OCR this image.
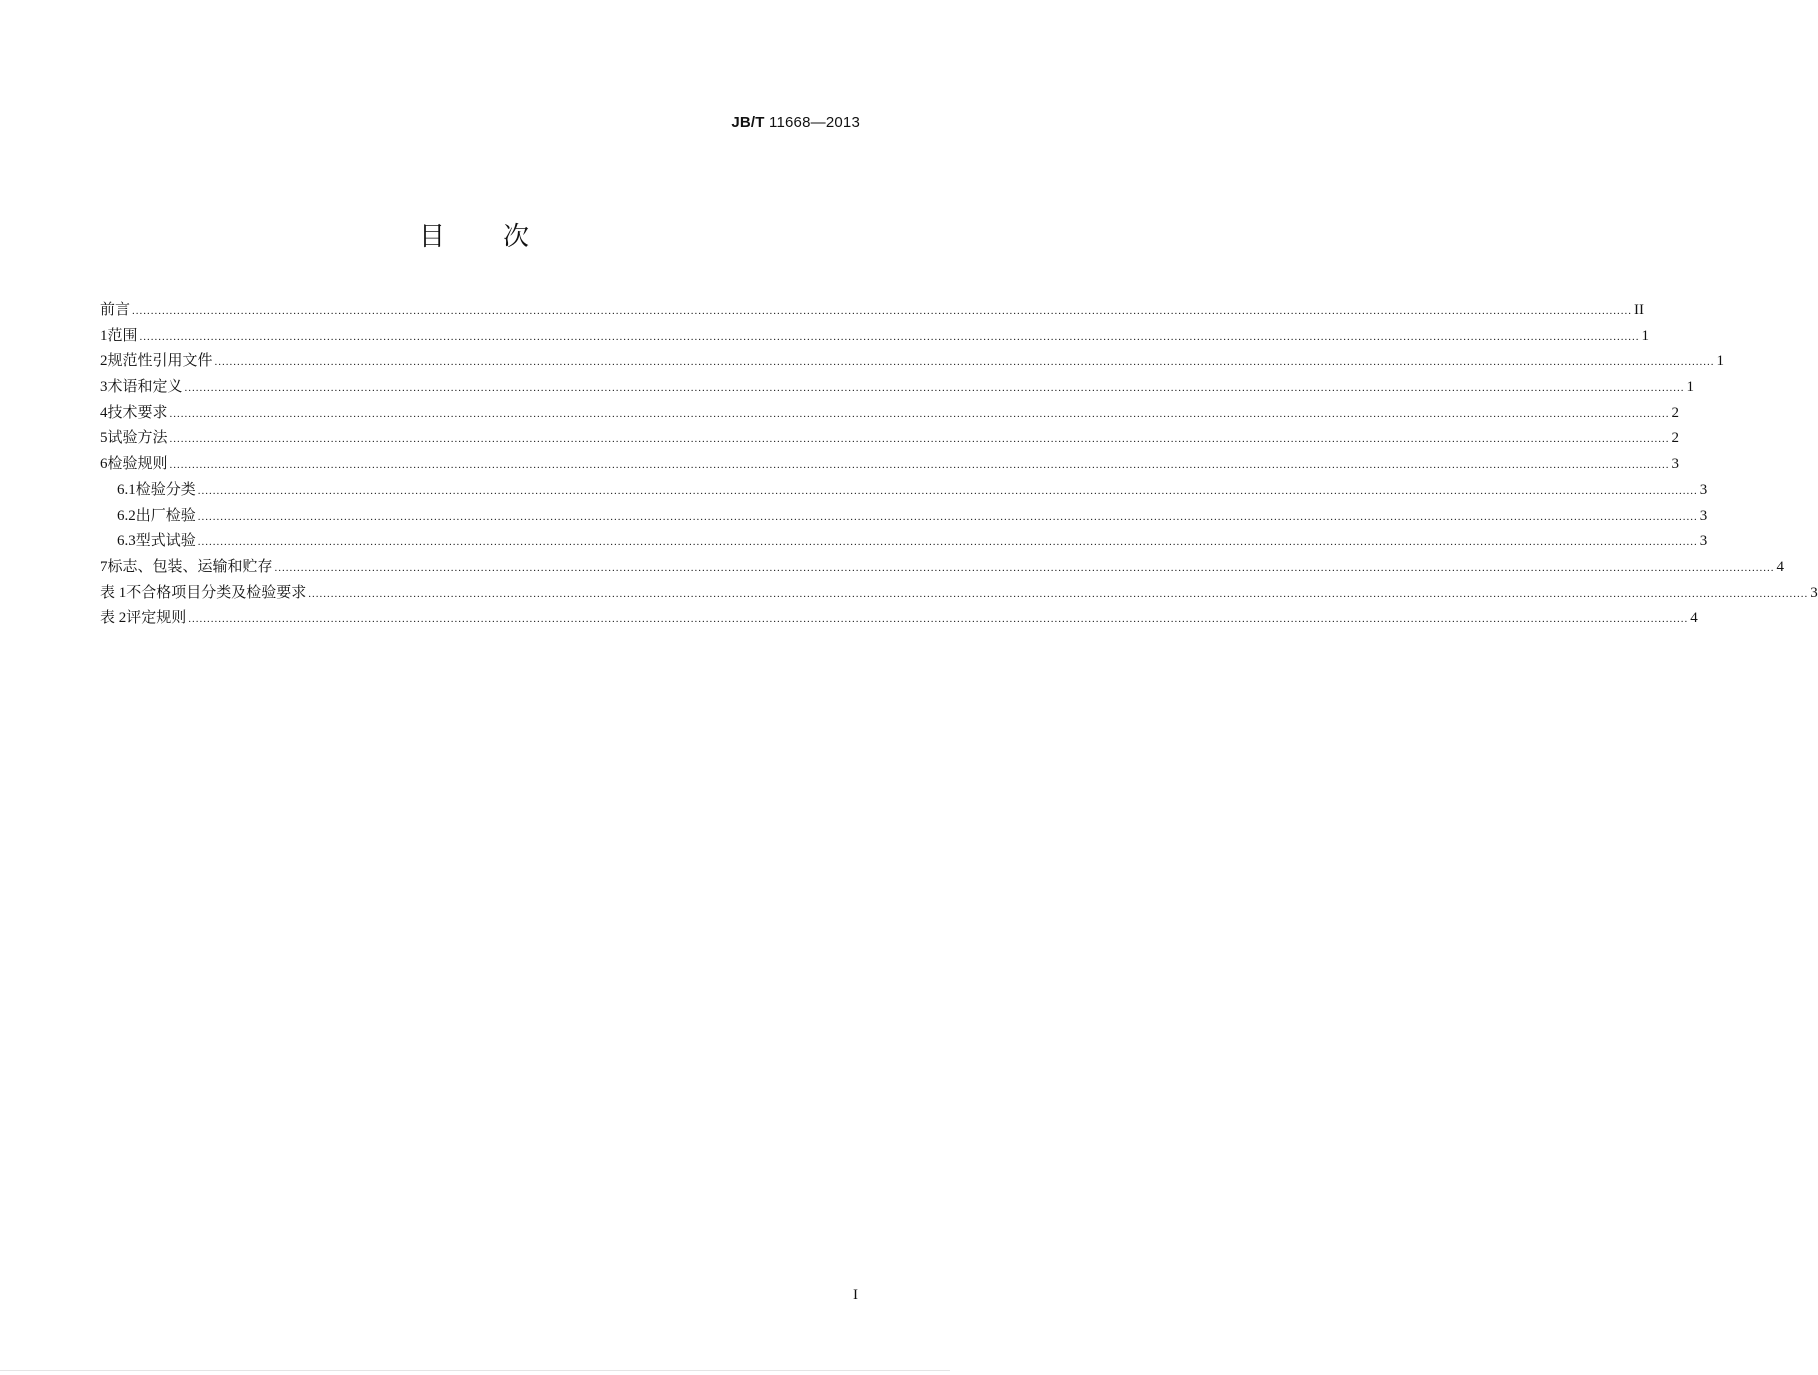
JB/T 11668—2013
目　　次
前言 ................................................................................................................................................................................................................................................................................................................................................................................................................ II
1 范围 ................................................................................................................................................................................................................................................................................................................................................................................................................ 1
2 规范性引用文件 ................................................................................................................................................................................................................................................................................................................................................................................................................ 1
3 术语和定义 ................................................................................................................................................................................................................................................................................................................................................................................................................ 1
4 技术要求 ................................................................................................................................................................................................................................................................................................................................................................................................................ 2
5 试验方法 ................................................................................................................................................................................................................................................................................................................................................................................................................ 2
6 检验规则 ................................................................................................................................................................................................................................................................................................................................................................................................................ 3
6.1 检验分类 ................................................................................................................................................................................................................................................................................................................................................................................................................ 3
6.2 出厂检验 ................................................................................................................................................................................................................................................................................................................................................................................................................ 3
6.3 型式试验 ................................................................................................................................................................................................................................................................................................................................................................................................................ 3
7 标志、包装、运输和贮存 ................................................................................................................................................................................................................................................................................................................................................................................................................ 4
表 1 不合格项目分类及检验要求 ................................................................................................................................................................................................................................................................................................................................................................................................................ 3
表 2 评定规则 ................................................................................................................................................................................................................................................................................................................................................................................................................ 4
I
